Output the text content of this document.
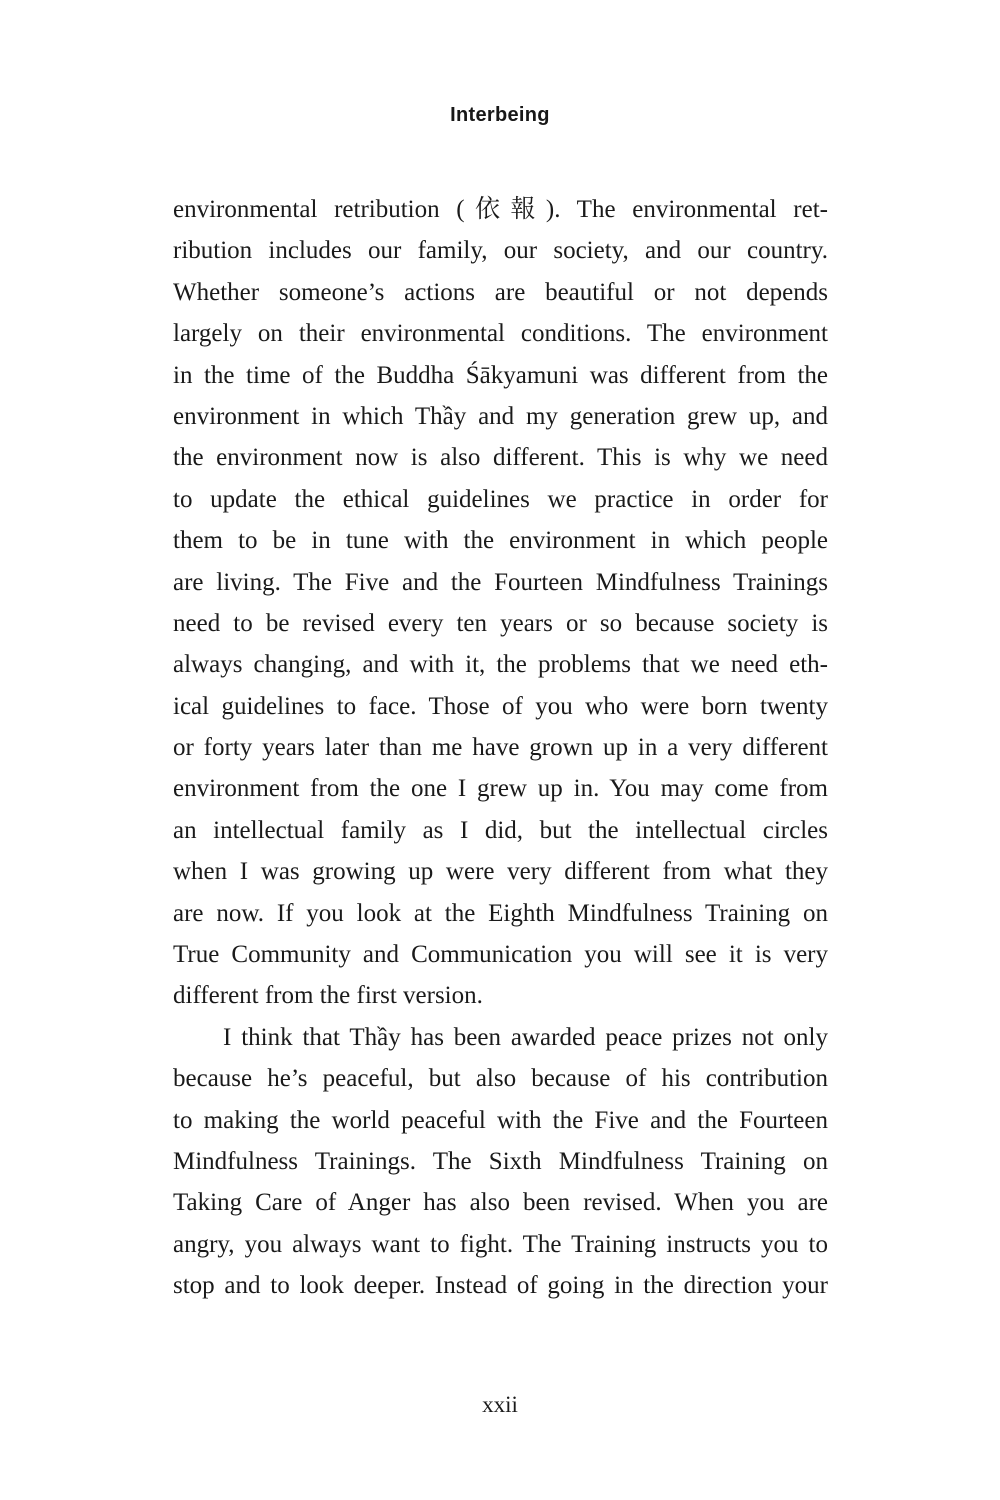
Interbeing
environmental retribution (依報). The environmental ret-
ribution includes our family, our society, and our country.
Whether someone’s actions are beautiful or not depends
largely on their environmental conditions. The environment
in the time of the Buddha Śākyamuni was different from the
environment in which Thầy and my generation grew up, and
the environment now is also different. This is why we need
to update the ethical guidelines we practice in order for
them to be in tune with the environment in which people
are living. The Five and the Fourteen Mindfulness Trainings
need to be revised every ten years or so because society is
always changing, and with it, the problems that we need eth-
ical guidelines to face. Those of you who were born twenty
or forty years later than me have grown up in a very different
environment from the one I grew up in. You may come from
an intellectual family as I did, but the intellectual circles
when I was growing up were very different from what they
are now. If you look at the Eighth Mindfulness Training on
True Community and Communication you will see it is very
different from the first version.
I think that Thầy has been awarded peace prizes not only
because he’s peaceful, but also because of his contribution
to making the world peaceful with the Five and the Fourteen
Mindfulness Trainings. The Sixth Mindfulness Training on
Taking Care of Anger has also been revised. When you are
angry, you always want to fight. The Training instructs you to
stop and to look deeper. Instead of going in the direction your
xxii
